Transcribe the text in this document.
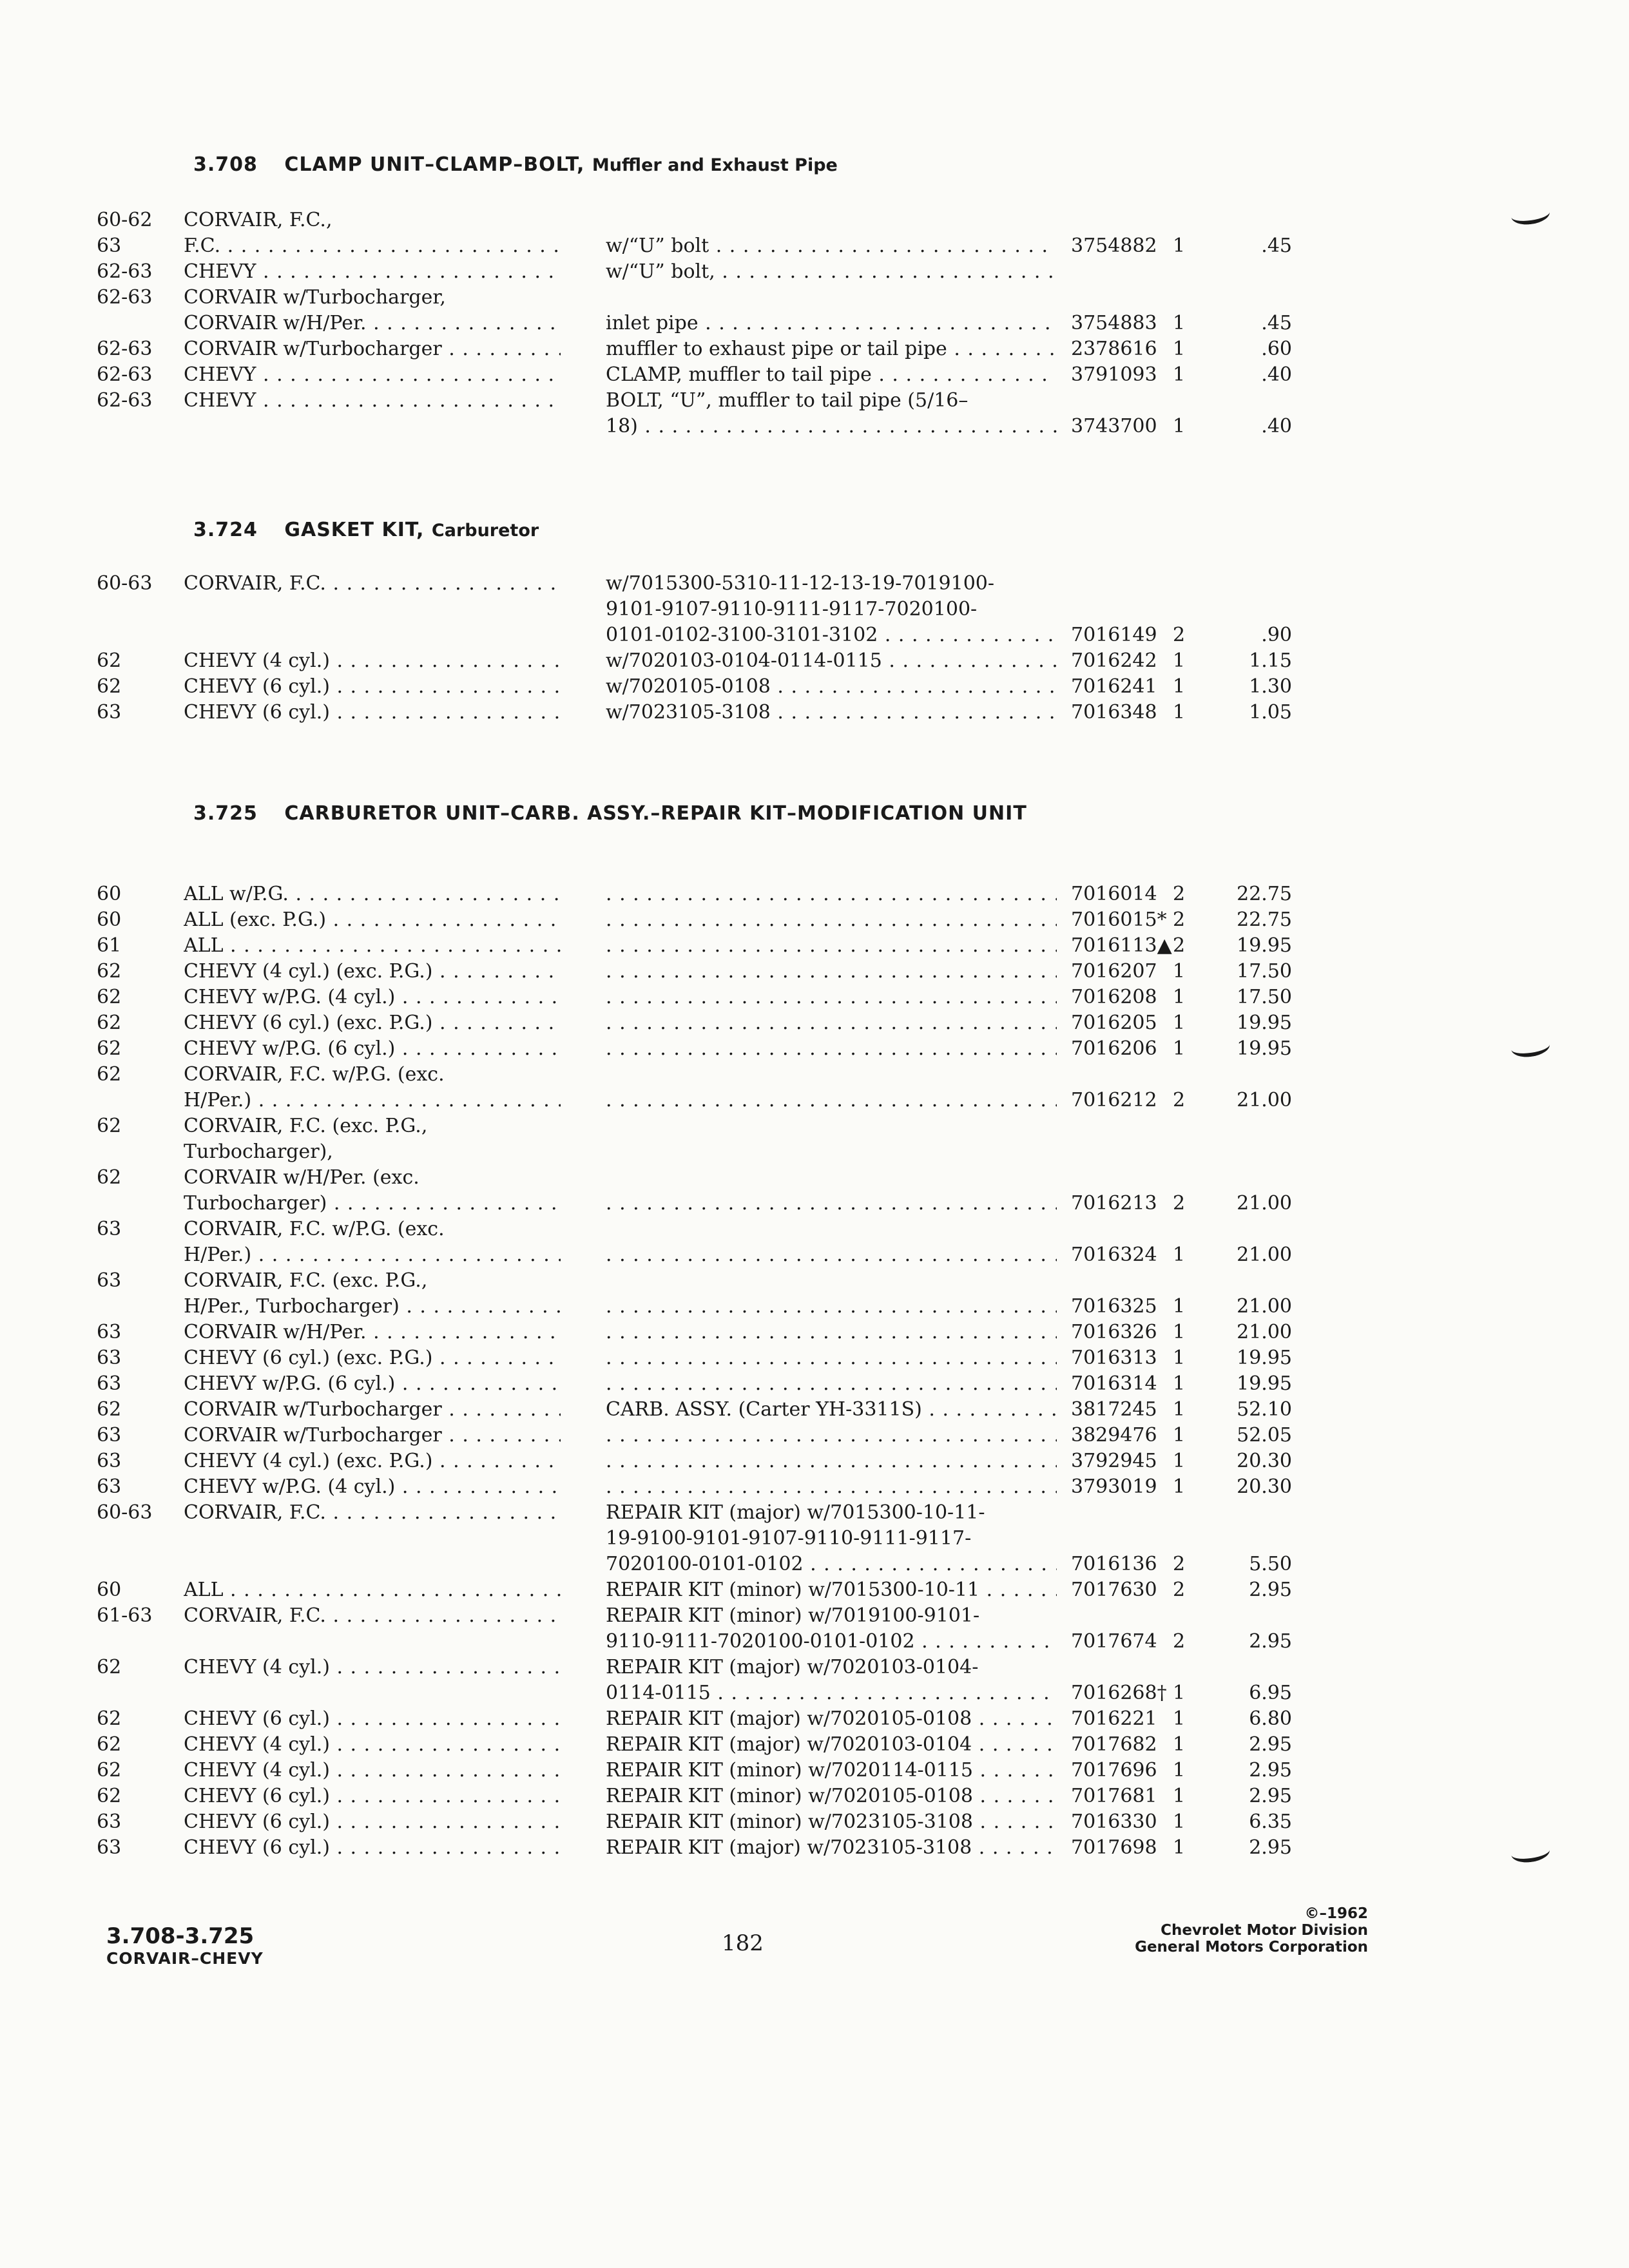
3.708 CLAMP UNIT–CLAMP–BOLT, Muffler and Exhaust Pipe
60-62 CORVAIR, F.C.,
63	F.C. . . .	w/“U” bolt . . .	3754882 1	.45
62-63 CHEVY . . .	w/“U” bolt, . . .
62-63 CORVAIR w/Turbocharger,
CORVAIR w/H/Per. . . .	inlet pipe . . .	3754883 1	.45
62-63 CORVAIR w/Turbocharger . . .	muffler to exhaust pipe or tail pipe . . .	2378616 1	.60
62-63 CHEVY . . .	CLAMP, muffler to tail pipe . . .	3791093 1	.40
62-63 CHEVY . . .	BOLT, “U”, muffler to tail pipe (5/16–
18) . . .	3743700 1	.40
3.724 GASKET KIT, Carburetor
60-63 CORVAIR, F.C. . . .	w/7015300-5310-11-12-13-19-7019100-
9101-9107-9110-9111-9117-7020100-
0101-0102-3100-3101-3102 . . .	7016149 2	.90
62	CHEVY (4 cyl.) . . .	w/7020103-0104-0114-0115 . . .	7016242 1	1.15
62	CHEVY (6 cyl.) . . .	w/7020105-0108 . . .	7016241 1	1.30
63	CHEVY (6 cyl.) . . .	w/7023105-3108 . . .	7016348 1	1.05
3.725 CARBURETOR UNIT–CARB. ASSY.–REPAIR KIT–MODIFICATION UNIT
60	ALL w/P.G. . . . . . .	7016014 2	22.75
60	ALL (exc. P.G.) . . . . . .	7016015* 2	22.75
61	ALL . . . . . .	7016113▲ 2	19.95
62	CHEVY (4 cyl.) (exc. P.G.) . . . . . .	7016207 1	17.50
62	CHEVY w/P.G. (4 cyl.) . . . . . .	7016208 1	17.50
62	CHEVY (6 cyl.) (exc. P.G.) . . . . . .	7016205 1	19.95
62	CHEVY w/P.G. (6 cyl.) . . . . . .	7016206 1	19.95
62	CORVAIR, F.C. w/P.G. (exc.
H/Per.) . . . . . .	7016212 2	21.00
62	CORVAIR, F.C. (exc. P.G.,
Turbocharger),
62	CORVAIR w/H/Per. (exc.
Turbocharger) . . . . . .	7016213 2	21.00
63	CORVAIR, F.C. w/P.G. (exc.
H/Per.) . . . . . .	7016324 1	21.00
63	CORVAIR, F.C. (exc. P.G.,
H/Per., Turbocharger) . . . . . .	7016325 1	21.00
63	CORVAIR w/H/Per. . . . . . .	7016326 1	21.00
63	CHEVY (6 cyl.) (exc. P.G.) . . . . . .	7016313 1	19.95
63	CHEVY w/P.G. (6 cyl.) . . . . . .	7016314 1	19.95
62	CORVAIR w/Turbocharger . . .	CARB. ASSY. (Carter YH-3311S) . . .	3817245 1	52.10
63	CORVAIR w/Turbocharger . . . . . .	3829476 1	52.05
63	CHEVY (4 cyl.) (exc. P.G.) . . . . . .	3792945 1	20.30
63	CHEVY w/P.G. (4 cyl.) . . . . . .	3793019 1	20.30
60-63 CORVAIR, F.C. . . .	REPAIR KIT (major) w/7015300-10-11-
19-9100-9101-9107-9110-9111-9117-
7020100-0101-0102 . . .	7016136 2	5.50
60	ALL . . .	REPAIR KIT (minor) w/7015300-10-11 . . .	7017630 2	2.95
61-63 CORVAIR, F.C. . . .	REPAIR KIT (minor) w/7019100-9101-
9110-9111-7020100-0101-0102 . . .	7017674 2	2.95
62	CHEVY (4 cyl.) . . .	REPAIR KIT (major) w/7020103-0104-
0114-0115 . . .	7016268† 1	6.95
62	CHEVY (6 cyl.) . . .	REPAIR KIT (major) w/7020105-0108 . . .	7016221 1	6.80
62	CHEVY (4 cyl.) . . .	REPAIR KIT (major) w/7020103-0104 . . .	7017682 1	2.95
62	CHEVY (4 cyl.) . . .	REPAIR KIT (minor) w/7020114-0115 . . .	7017696 1	2.95
62	CHEVY (6 cyl.) . . .	REPAIR KIT (minor) w/7020105-0108 . . .	7017681 1	2.95
63	CHEVY (6 cyl.) . . .	REPAIR KIT (minor) w/7023105-3108 . . .	7016330 1	6.35
63	CHEVY (6 cyl.) . . .	REPAIR KIT (major) w/7023105-3108 . . .	7017698 1	2.95
3.708-3.725
CORVAIR–CHEVY
182
©–1962
Chevrolet Motor Division
General Motors Corporation
